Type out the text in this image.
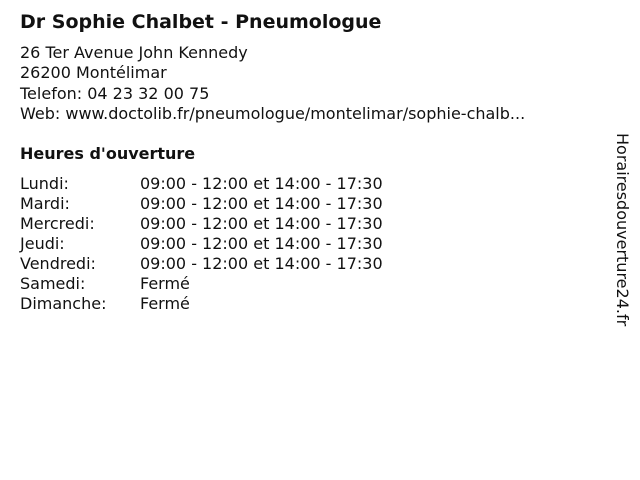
Dr Sophie Chalbet - Pneumologue
26 Ter Avenue John Kennedy
26200 Montélimar
Telefon: 04 23 32 00 75
Web: www.doctolib.fr/pneumologue/montelimar/sophie-chalb...
Heures d'ouverture
Lundi:	09:00 - 12:00 et 14:00 - 17:30
Mardi:	09:00 - 12:00 et 14:00 - 17:30
Mercredi:	09:00 - 12:00 et 14:00 - 17:30
Jeudi:	09:00 - 12:00 et 14:00 - 17:30
Vendredi:	09:00 - 12:00 et 14:00 - 17:30
Samedi:	Fermé
Dimanche: Fermé	Horairesdouverture24.fr
